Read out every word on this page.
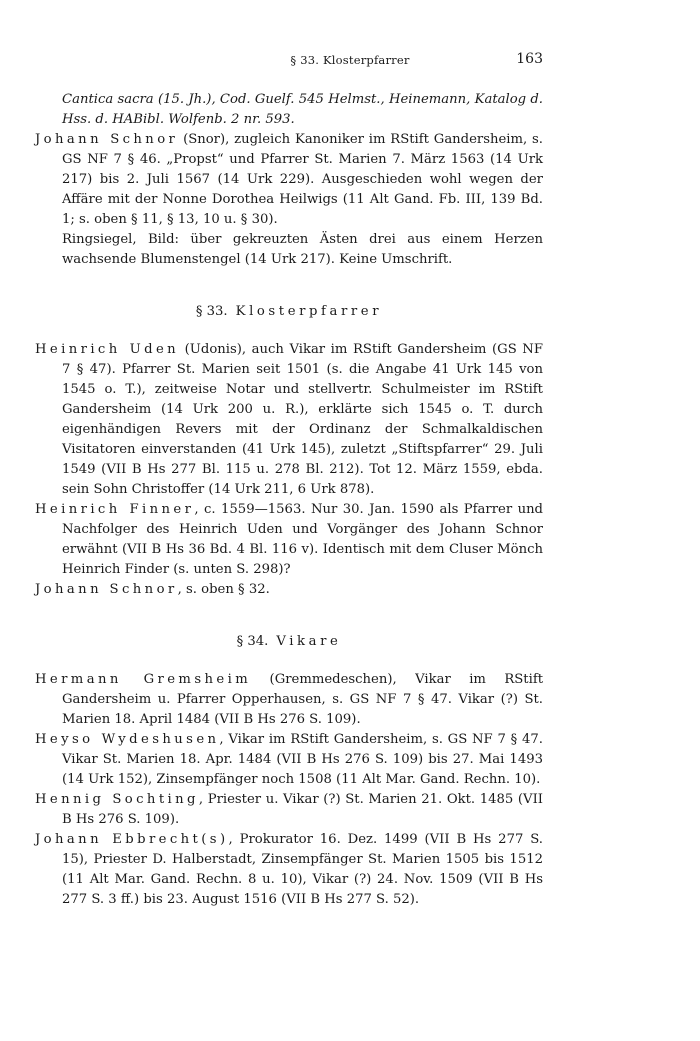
§ 33. Klosterpfarrer	163

Cantica sacra (15. Jh.), Cod. Guelf. 545 Helmst., Heinemann, Katalog d. Hss. d. HABibl. Wolfenb. 2 nr. 593.

Johann Schnor (Snor), zugleich Kanoniker im RStift Gandersheim, s. GS NF 7 § 46. „Propst“ und Pfarrer St. Marien 7. März 1563 (14 Urk 217) bis 2. Juli 1567 (14 Urk 229). Ausgeschieden wohl wegen der Affäre mit der Nonne Dorothea Heilwigs (11 Alt Gand. Fb. III, 139 Bd. 1; s. oben § 11, § 13, 10 u. § 30).

Ringsiegel, Bild: über gekreuzten Ästen drei aus einem Herzen wachsende Blumenstengel (14 Urk 217). Keine Umschrift.

§ 33. Klosterpfarrer

Heinrich Uden (Udonis), auch Vikar im RStift Gandersheim (GS NF 7 § 47). Pfarrer St. Marien seit 1501 (s. die Angabe 41 Urk 145 von 1545 o. T.), zeitweise Notar und stellvertr. Schulmeister im RStift Gandersheim (14 Urk 200 u. R.), erklärte sich 1545 o. T. durch eigenhändigen Revers mit der Ordinanz der Schmalkaldischen Visitatoren einverstanden (41 Urk 145), zuletzt „Stiftspfarrer“ 29. Juli 1549 (VII B Hs 277 Bl. 115 u. 278 Bl. 212). Tot 12. März 1559, ebda. sein Sohn Christoffer (14 Urk 211, 6 Urk 878).

Heinrich Finner, c. 1559—1563. Nur 30. Jan. 1590 als Pfarrer und Nachfolger des Heinrich Uden und Vorgänger des Johann Schnor erwähnt (VII B Hs 36 Bd. 4 Bl. 116 v). Identisch mit dem Cluser Mönch Heinrich Finder (s. unten S. 298)?

Johann Schnor, s. oben § 32.

§ 34. Vikare

Hermann Gremsheim (Gremmedeschen), Vikar im RStift Gandersheim u. Pfarrer Opperhausen, s. GS NF 7 § 47. Vikar (?) St. Marien 18. April 1484 (VII B Hs 276 S. 109).

Heyso Wydeshusen, Vikar im RStift Gandersheim, s. GS NF 7 § 47. Vikar St. Marien 18. Apr. 1484 (VII B Hs 276 S. 109) bis 27. Mai 1493 (14 Urk 152), Zinsempfänger noch 1508 (11 Alt Mar. Gand. Rechn. 10).

Hennig Sochting, Priester u. Vikar (?) St. Marien 21. Okt. 1485 (VII B Hs 276 S. 109).

Johann Ebbrecht(s), Prokurator 16. Dez. 1499 (VII B Hs 277 S. 15), Priester D. Halberstadt, Zinsempfänger St. Marien 1505 bis 1512 (11 Alt Mar. Gand. Rechn. 8 u. 10), Vikar (?) 24. Nov. 1509 (VII B Hs 277 S. 3 ff.) bis 23. August 1516 (VII B Hs 277 S. 52).
